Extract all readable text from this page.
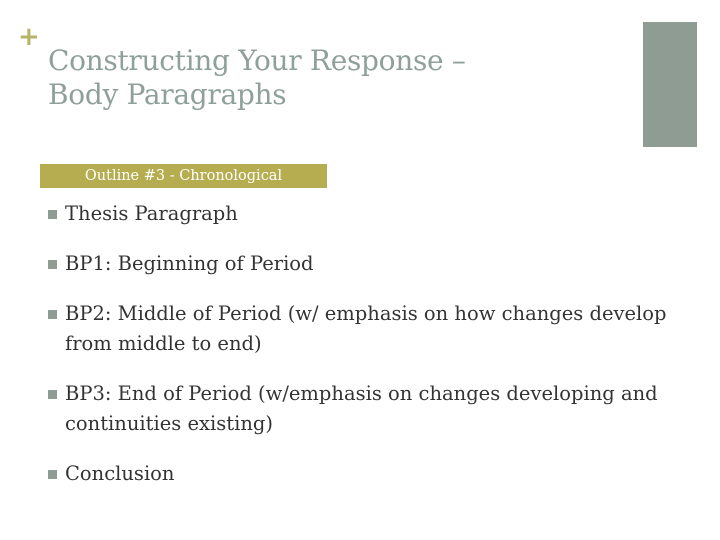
+
Constructing Your Response –
Body Paragraphs
Outline #3 - Chronological
Thesis Paragraph
BP1: Beginning of Period
BP2: Middle of Period (w/ emphasis on how changes develop from middle to end)
BP3: End of Period (w/emphasis on changes developing and continuities existing)
Conclusion
